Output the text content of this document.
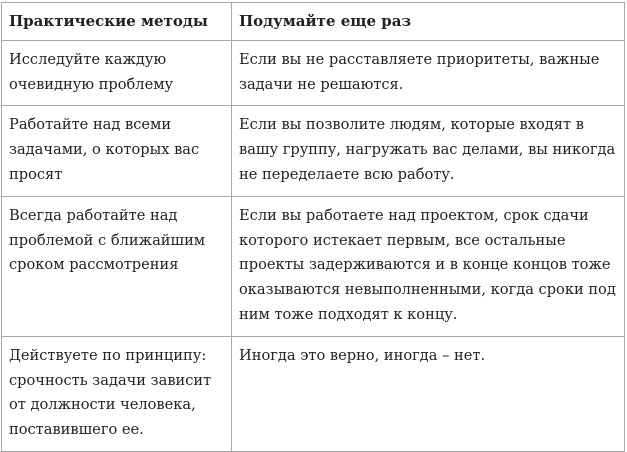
Практические методы	Подумайте еще раз
Исследуйте каждую очевидную проблему	Если вы не расставляете приоритеты, важные задачи не решаются.
Работайте над всеми задачами, о которых вас просят	Если вы позволите людям, которые входят в вашу группу, нагружать вас делами, вы никогда не переделаете всю работу.
Всегда работайте над проблемой с ближайшим сроком рассмотрения	Если вы работаете над проектом, срок сдачи которого истекает первым, все остальные проекты задерживаются и в конце концов тоже оказываются невыполненными, когда сроки под ним тоже подходят к концу.
Действуете по принципу: срочность задачи зависит от должности человека, поставившего ее.	Иногда это верно, иногда – нет.
